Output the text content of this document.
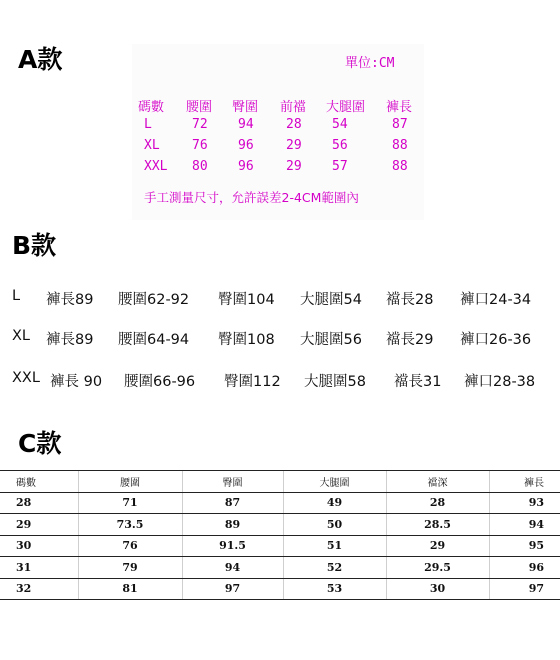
A款	單位:CM
碼數 腰圍 臀圍 前襠 大腿圍 褲長
L	72 94 28 54	87
XL 76 96 29 56	88
XXL 80 96 29 57	88
手工測量尺寸，允許誤差2-4CM範圍內
B款
L 褲長89 腰圍62-92 臀圍104 大腿圍54 襠長28 褲口24-34
XL 褲長89 腰圍64-94 臀圍108 大腿圍56 襠長29 褲口26-36
XXL 褲長 90 腰圍66-96 臀圍112 大腿圍58 襠長31 褲口28-38
C款
碼數	腰圍	臀圍	大腿圍	襠深	褲長
28	71	87	49	28	93
29	73.5	89	50	28.5	94
30	76	91.5	51	29	95
31	79	94	52	29.5	96
32	81	97	53	30	97
